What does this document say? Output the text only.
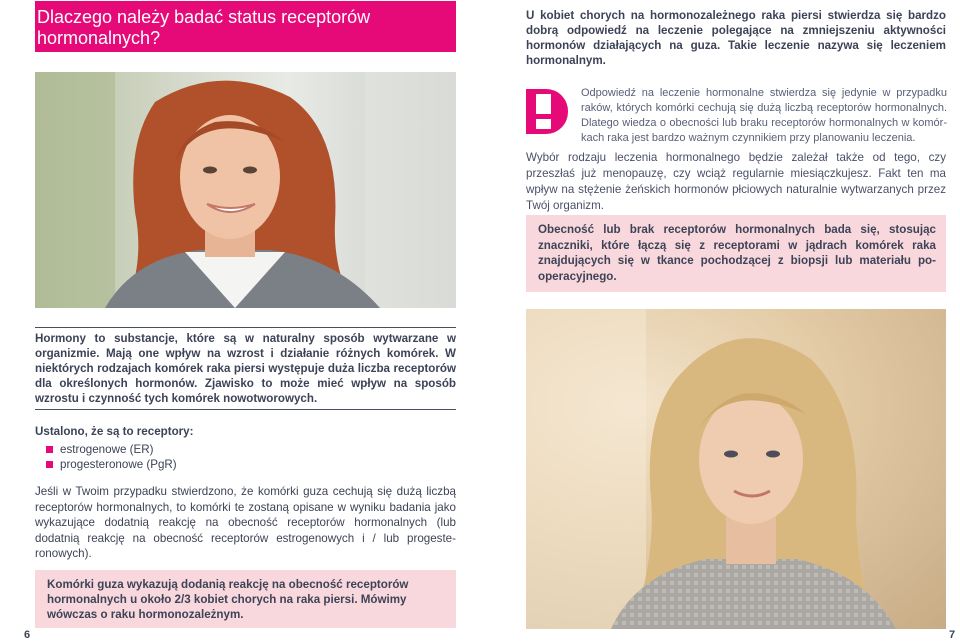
Dlaczego należy badać status receptorów hormonalnych?

Hormony to substancje, które są w naturalny sposób wytwarzane w organizmie. Mają one wpływ na wzrost i działanie różnych komórek. W niektórych rodzajach komórek raka piersi występuje duża liczba receptorów dla określonych hormonów. Zjawisko to może mieć wpływ na sposób wzrostu i czynność tych komórek nowotworowych.

Ustalono, że są to receptory:

estrogenowe (ER)
progesteronowe (PgR)

Jeśli w Twoim przypadku stwierdzono, że komórki guza cechują się dużą liczbą receptorów hormonalnych, to komórki te zostaną opisane w wyniku badania jako wykazujące dodatnią reakcję na obecność receptorów hormonalnych (lub dodatnią reakcję na obecność receptorów estrogenowych i / lub progeste-ronowych).

Komórki guza wykazują dodanią reakcję na obecność receptorów hormonalnych u około 2/3 kobiet chorych na raka piersi. Mówimy wówczas o raku hormonozależnym.

6

U kobiet chorych na hormonozależnego raka piersi stwierdza się bardzo dobrą odpowiedź na leczenie polegające na zmniejszeniu aktywności hormonów działających na guza. Takie leczenie nazywa się leczeniem hormonalnym.

Odpowiedź na leczenie hormonalne stwierdza się jedynie w przypadku raków, których komórki cechują się dużą liczbą receptorów hormonalnych. Dlatego wiedza o obecności lub braku receptorów hormonalnych w komór-kach raka jest bardzo ważnym czynnikiem przy planowaniu leczenia.

Wybór rodzaju leczenia hormonalnego będzie zależał także od tego, czy przeszłaś już menopauzę, czy wciąż regularnie miesiączkujesz. Fakt ten ma wpływ na stężenie żeńskich hormonów płciowych naturalnie wytwarzanych przez Twój organizm.

Obecność lub brak receptorów hormonalnych bada się, stosując znaczniki, które łączą się z receptorami w jądrach komórek raka znajdujących się w tkance pochodzącej z biopsji lub materiału po-operacyjnego.

7
